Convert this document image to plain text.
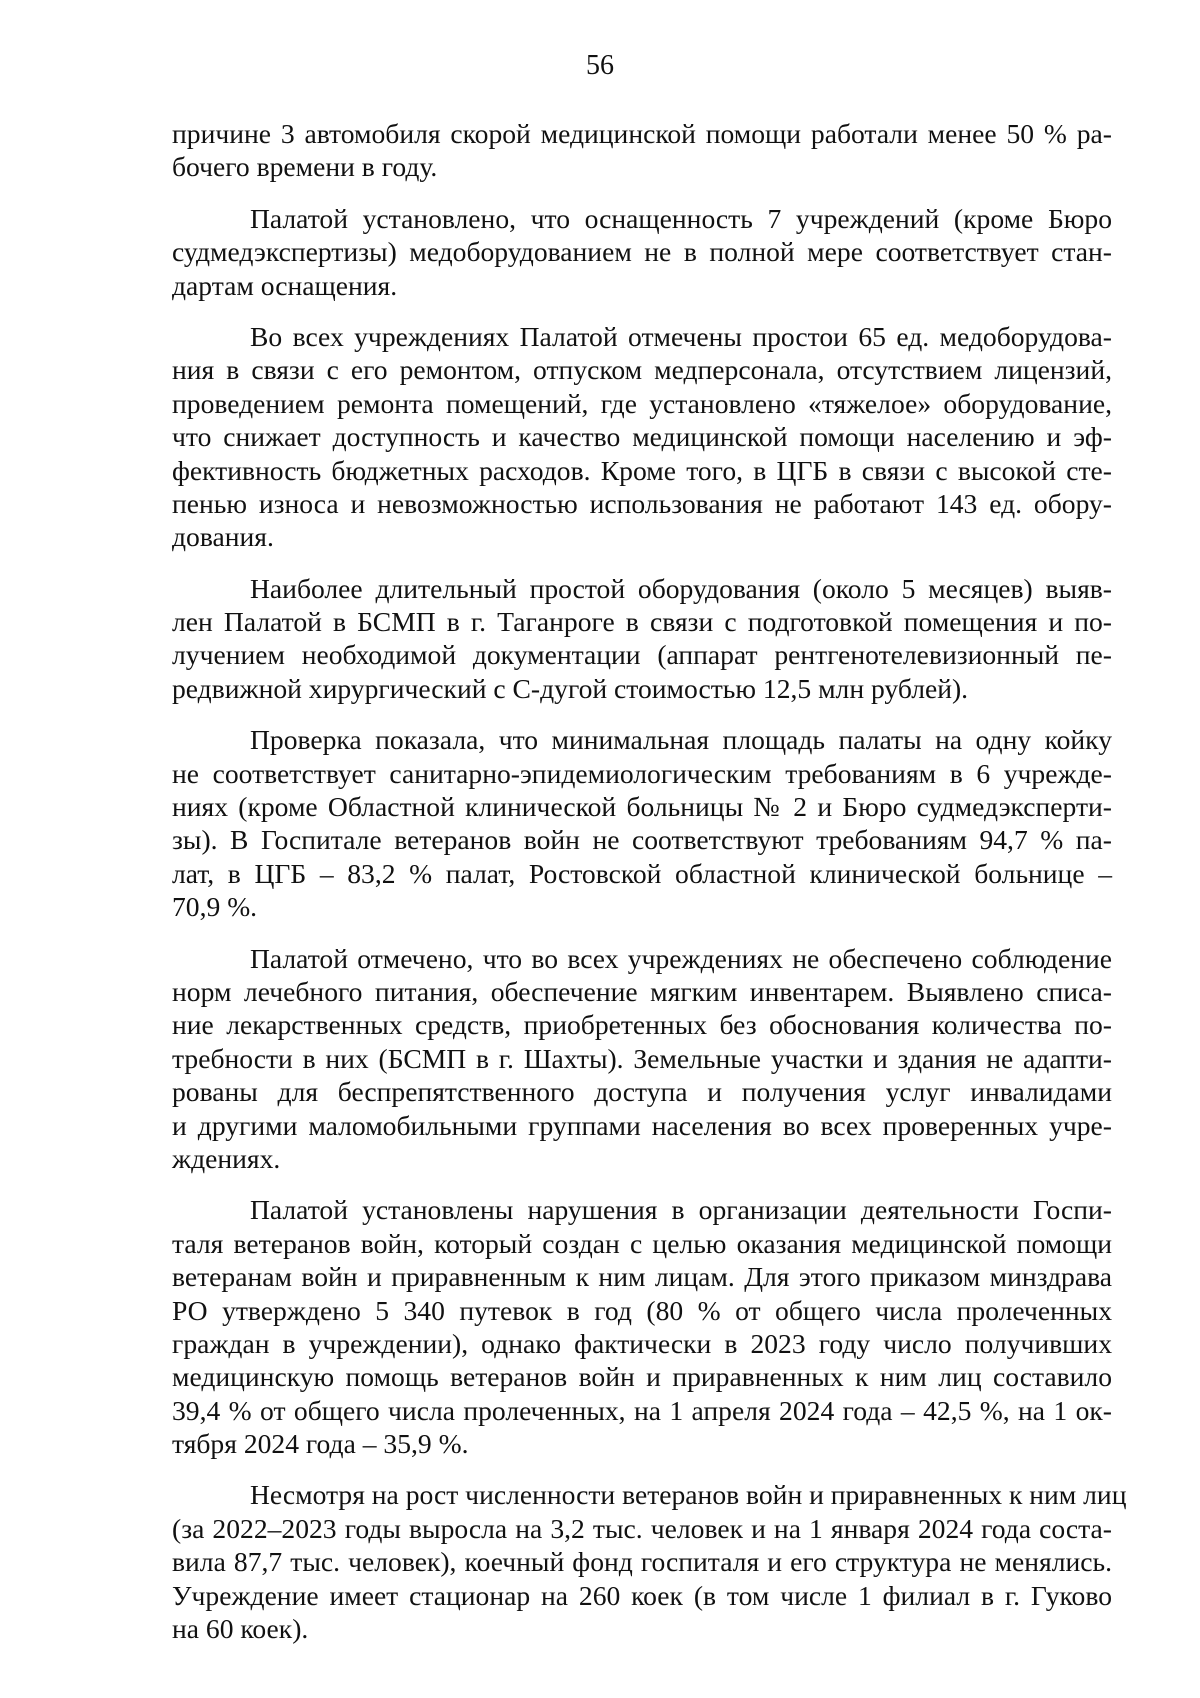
56

причине 3 автомобиля скорой медицинской помощи работали менее 50 % ра-
бочего времени в году.

Палатой установлено, что оснащенность 7 учреждений (кроме Бюро
судмедэкспертизы) медоборудованием не в полной мере соответствует стан-
дартам оснащения.

Во всех учреждениях Палатой отмечены простои 65 ед. медоборудова-
ния в связи с его ремонтом, отпуском медперсонала, отсутствием лицензий,
проведением ремонта помещений, где установлено «тяжелое» оборудование,
что снижает доступность и качество медицинской помощи населению и эф-
фективность бюджетных расходов. Кроме того, в ЦГБ в связи с высокой сте-
пенью износа и невозможностью использования не работают 143 ед. обору-
дования.

Наиболее длительный простой оборудования (около 5 месяцев) выяв-
лен Палатой в БСМП в г. Таганроге в связи с подготовкой помещения и по-
лучением необходимой документации (аппарат рентгенотелевизионный пе-
редвижной хирургический с С-дугой стоимостью 12,5 млн рублей).

Проверка показала, что минимальная площадь палаты на одну койку
не соответствует санитарно-эпидемиологическим требованиям в 6 учрежде-
ниях (кроме Областной клинической больницы № 2 и Бюро судмедэксперти-
зы). В Госпитале ветеранов войн не соответствуют требованиям 94,7 % па-
лат, в ЦГБ – 83,2 % палат, Ростовской областной клинической больнице –
70,9 %.

Палатой отмечено, что во всех учреждениях не обеспечено соблюдение
норм лечебного питания, обеспечение мягким инвентарем. Выявлено списа-
ние лекарственных средств, приобретенных без обоснования количества по-
требности в них (БСМП в г. Шахты). Земельные участки и здания не адапти-
рованы для беспрепятственного доступа и получения услуг инвалидами
и другими маломобильными группами населения во всех проверенных учре-
ждениях.

Палатой установлены нарушения в организации деятельности Госпи-
таля ветеранов войн, который создан с целью оказания медицинской помощи
ветеранам войн и приравненным к ним лицам. Для этого приказом минздрава
РО утверждено 5 340 путевок в год (80 % от общего числа пролеченных
граждан в учреждении), однако фактически в 2023 году число получивших
медицинскую помощь ветеранов войн и приравненных к ним лиц составило
39,4 % от общего числа пролеченных, на 1 апреля 2024 года – 42,5 %, на 1 ок-
тября 2024 года – 35,9 %.

Несмотря на рост численности ветеранов войн и приравненных к ним лиц
(за 2022–2023 годы выросла на 3,2 тыс. человек и на 1 января 2024 года соста-
вила 87,7 тыс. человек), коечный фонд госпиталя и его структура не менялись.
Учреждение имеет стационар на 260 коек (в том числе 1 филиал в г. Гуково
на 60 коек).
